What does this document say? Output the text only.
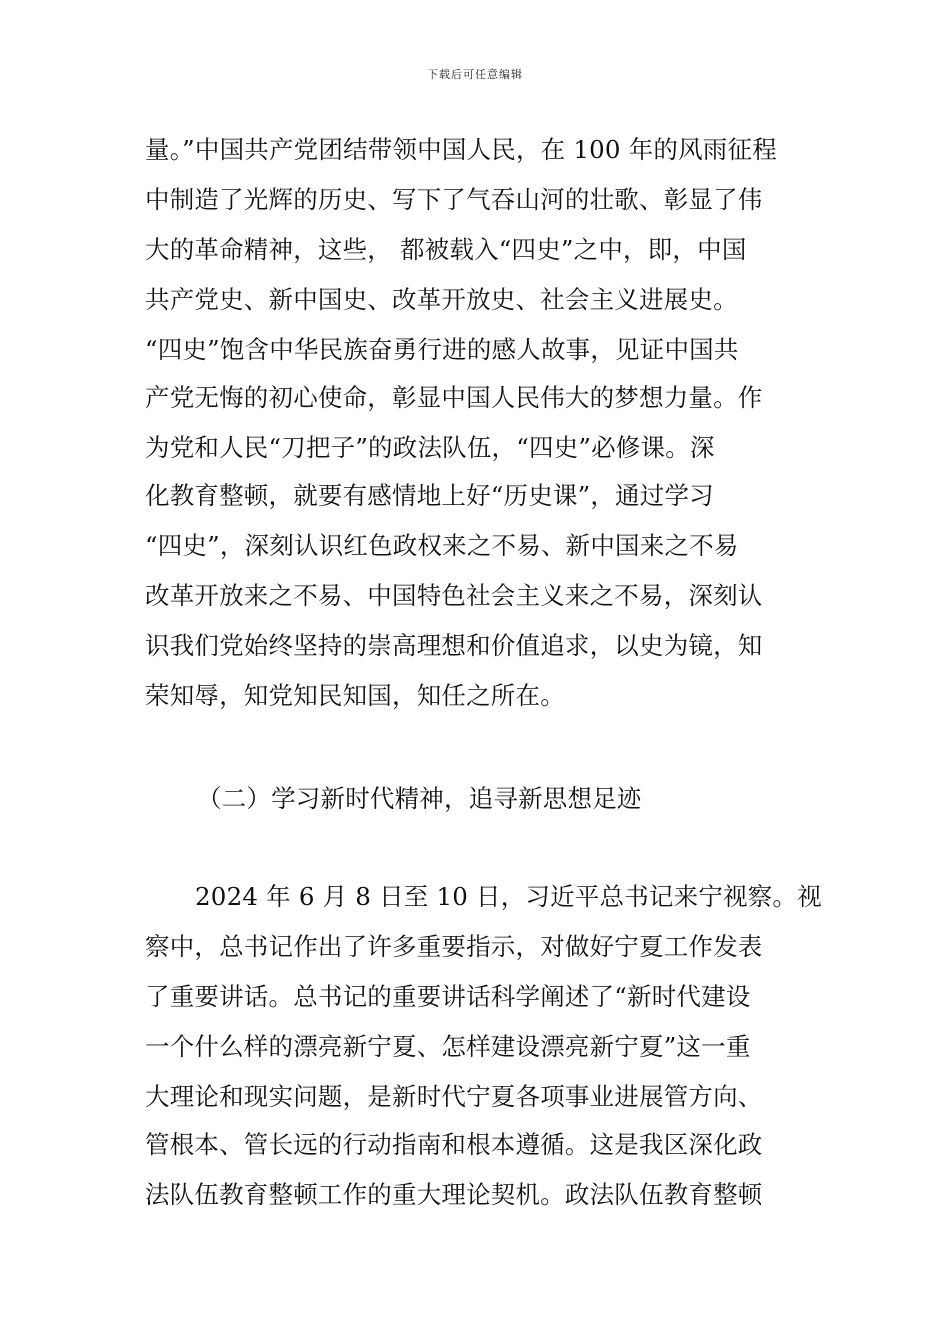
下载后可任意编辑
量。”中国共产党团结带领中国人民，在 100 年的风雨征程
中制造了光辉的历史、写下了气吞山河的壮歌、彰显了伟
大的革命精神，这些， 都被载入“四史”之中，即，中国
共产党史、新中国史、改革开放史、社会主义进展史。
“四史”饱含中华民族奋勇行进的感人故事，见证中国共
产党无悔的初心使命，彰显中国人民伟大的梦想力量。作
为党和人民“刀把子”的政法队伍，“四史”必修课。深
化教育整顿，就要有感情地上好“历史课”，通过学习
“四史”，深刻认识红色政权来之不易、新中国来之不易
改革开放来之不易、中国特色社会主义来之不易，深刻认
识我们党始终坚持的崇高理想和价值追求，以史为镜，知
荣知辱，知党知民知国，知任之所在。
（二）学习新时代精神，追寻新思想足迹
2024 年 6 月 8 日至 10 日，习近平总书记来宁视察。视
察中，总书记作出了许多重要指示，对做好宁夏工作发表
了重要讲话。总书记的重要讲话科学阐述了“新时代建设
一个什么样的漂亮新宁夏、怎样建设漂亮新宁夏”这一重
大理论和现实问题，是新时代宁夏各项事业进展管方向、
管根本、管长远的行动指南和根本遵循。这是我区深化政
法队伍教育整顿工作的重大理论契机。政法队伍教育整顿
